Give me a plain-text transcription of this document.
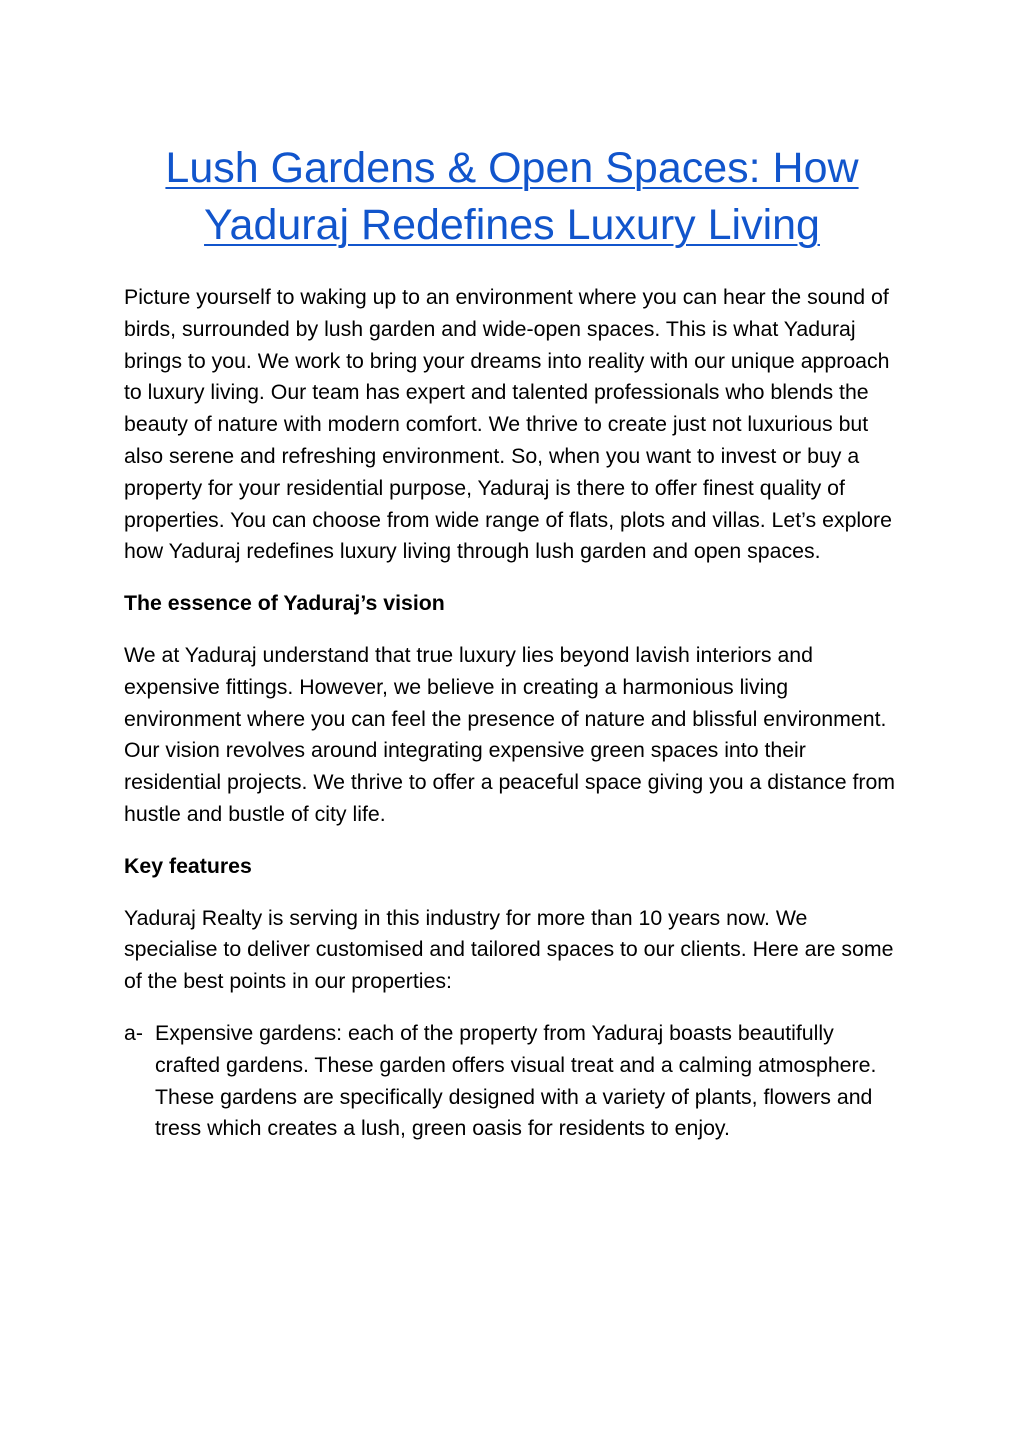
Lush Gardens & Open Spaces: How Yaduraj Redefines Luxury Living

Picture yourself to waking up to an environment where you can hear the sound of birds, surrounded by lush garden and wide-open spaces. This is what Yaduraj brings to you. We work to bring your dreams into reality with our unique approach to luxury living. Our team has expert and talented professionals who blends the beauty of nature with modern comfort. We thrive to create just not luxurious but also serene and refreshing environment. So, when you want to invest or buy a property for your residential purpose, Yaduraj is there to offer finest quality of properties. You can choose from wide range of flats, plots and villas. Let’s explore how Yaduraj redefines luxury living through lush garden and open spaces.

The essence of Yaduraj’s vision

We at Yaduraj understand that true luxury lies beyond lavish interiors and expensive fittings. However, we believe in creating a harmonious living environment where you can feel the presence of nature and blissful environment. Our vision revolves around integrating expensive green spaces into their residential projects. We thrive to offer a peaceful space giving you a distance from hustle and bustle of city life.

Key features

Yaduraj Realty is serving in this industry for more than 10 years now. We specialise to deliver customised and tailored spaces to our clients. Here are some of the best points in our properties:

a- Expensive gardens: each of the property from Yaduraj boasts beautifully crafted gardens. These garden offers visual treat and a calming atmosphere. These gardens are specifically designed with a variety of plants, flowers and tress which creates a lush, green oasis for residents to enjoy.
